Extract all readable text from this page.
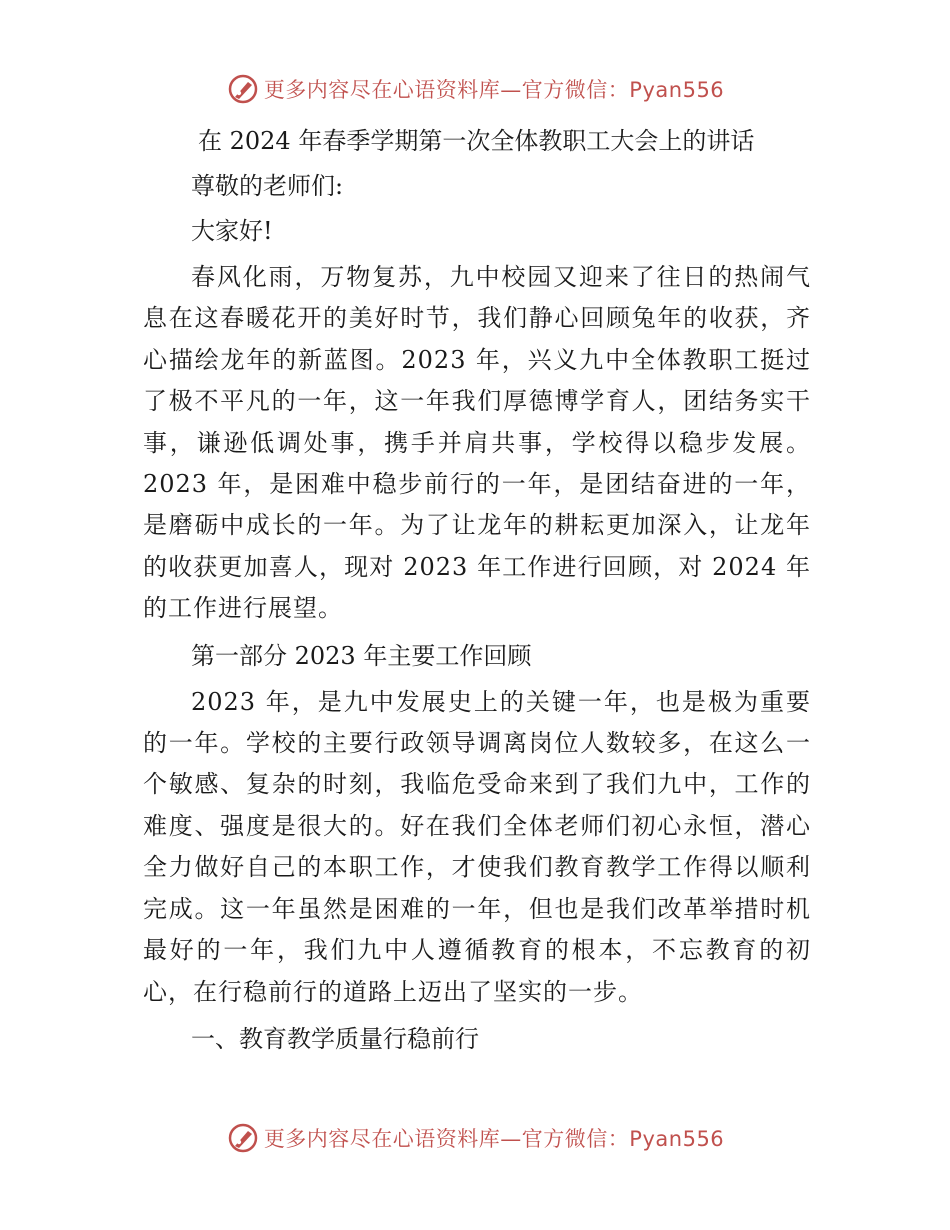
更多内容尽在心语资料库—官方微信：Pyan556

在 2024 年春季学期第一次全体教职工大会上的讲话

尊敬的老师们:

大家好!

春风化雨，万物复苏，九中校园又迎来了往日的热闹气息在这春暖花开的美好时节，我们静心回顾兔年的收获，齐心描绘龙年的新蓝图。2023 年，兴义九中全体教职工挺过了极不平凡的一年，这一年我们厚德博学育人，团结务实干事，谦逊低调处事，携手并肩共事，学校得以稳步发展。2023 年，是困难中稳步前行的一年，是团结奋进的一年，是磨砺中成长的一年。为了让龙年的耕耘更加深入，让龙年的收获更加喜人，现对 2023 年工作进行回顾，对 2024 年的工作进行展望。

第一部分 2023 年主要工作回顾

2023 年，是九中发展史上的关键一年，也是极为重要的一年。学校的主要行政领导调离岗位人数较多，在这么一个敏感、复杂的时刻，我临危受命来到了我们九中，工作的难度、强度是很大的。好在我们全体老师们初心永恒，潜心全力做好自己的本职工作，才使我们教育教学工作得以顺利完成。这一年虽然是困难的一年，但也是我们改革举措时机最好的一年，我们九中人遵循教育的根本，不忘教育的初心，在行稳前行的道路上迈出了坚实的一步。

一、教育教学质量行稳前行

更多内容尽在心语资料库—官方微信：Pyan556
